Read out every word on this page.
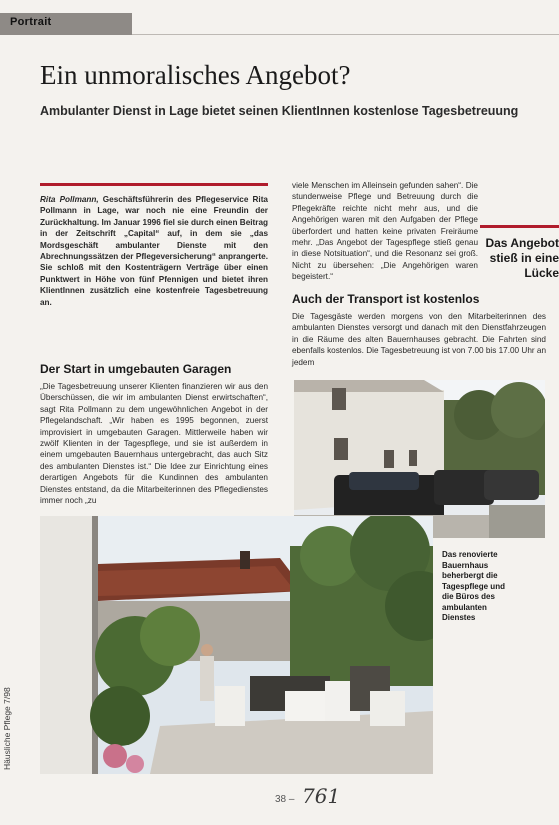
Portrait
Ein unmoralisches Angebot?
Ambulanter Dienst in Lage bietet seinen KlientInnen kostenlose Tagesbetreuung

Rita Pollmann, Geschäftsführerin des Pflegeservice Rita Pollmann in Lage, war noch nie eine Freundin der Zurückhaltung. Im Januar 1996 fiel sie durch einen Beitrag in der Zeitschrift „Capital“ auf, in dem sie „das Mordsgeschäft ambulanter Dienste mit den Abrechnungssätzen der Pflegeversicherung“ anprangerte. Sie schloß mit den Kostenträgern Verträge über einen Punktwert in Höhe von fünf Pfennigen und bietet ihren KlientInnen zusätzlich eine kostenfreie Tagesbetreuung an.

Der Start in umgebauten Garagen

„Die Tagesbetreuung unserer Klienten finanzieren wir aus den Überschüssen, die wir im ambulanten Dienst erwirtschaften“, sagt Rita Pollmann zu dem ungewöhnlichen Angebot in der Pflegelandschaft. „Wir haben es 1995 begonnen, zuerst improvisiert in umgebauten Garagen. Mittlerweile haben wir zwölf Klienten in der Tagespflege, und sie ist außerdem in einem umgebauten Bauernhaus untergebracht, das auch Sitz des ambulanten Dienstes ist.“ Die Idee zur Einrichtung eines derartigen Angebots für die Kundinnen des ambulanten Dienstes entstand, da die Mitarbeiterinnen des Pflegedienstes immer noch „zu

viele Menschen im Alleinsein gefunden sahen“. Die stundenweise Pflege und Betreuung durch die Pflegekräfte reichte nicht mehr aus, und die Angehörigen waren mit den Aufgaben der Pflege überfordert und hatten keine privaten Freiräume mehr. „Das Angebot der Tagespflege stieß genau in diese Notsituation“, und die Resonanz sei groß. Nicht zu übersehen: „Die Angehörigen waren begeistert.“

Das Angebot stieß in eine Lücke
Auch der Transport ist kostenlos

Die Tagesgäste werden morgens von den Mitarbeiterinnen des ambulanten Dienstes versorgt und danach mit den Dienstfahrzeugen in die Räume des alten Bauernhauses gebracht. Die Fahrten sind ebenfalls kostenlos. Die Tagesbetreuung ist von 7.00 bis 17.00 Uhr an jedem

Das renovierte Bauernhaus beherbergt die Tagespflege und die Büros des ambulanten Dienstes
Häusliche Pflege 7/98
38 – 761
